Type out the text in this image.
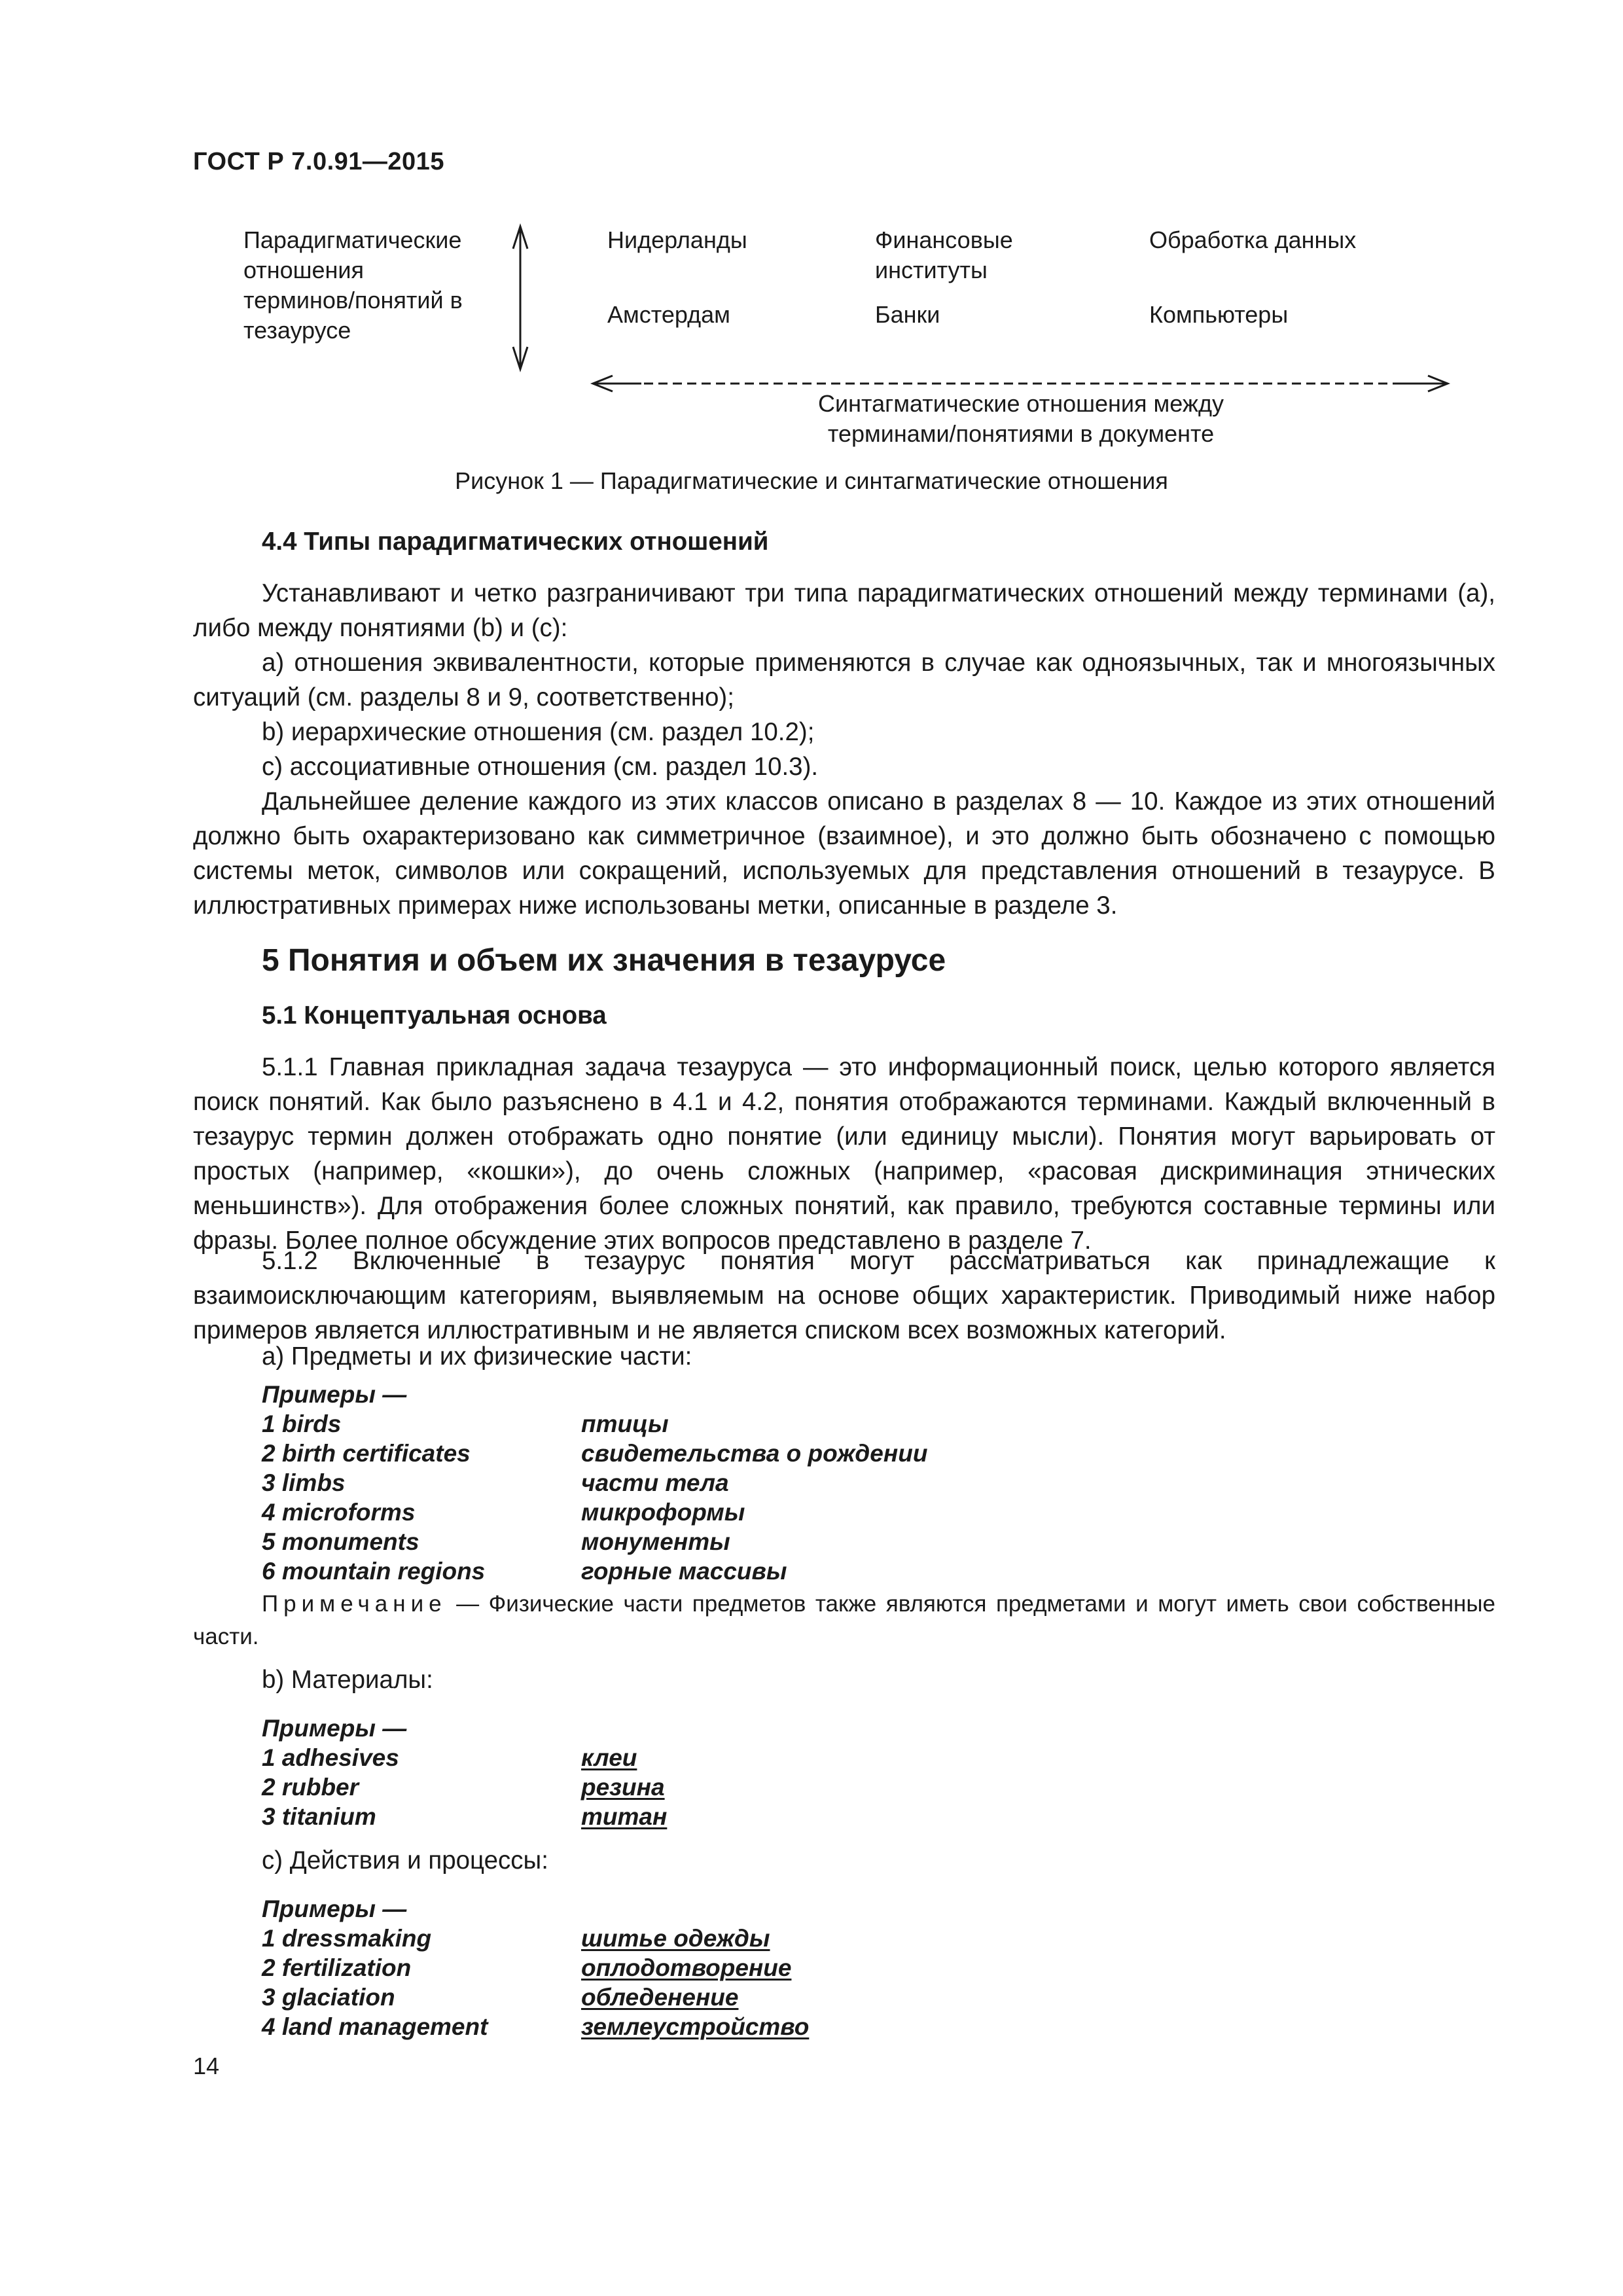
ГОСТ Р 7.0.91—2015
Парадигматические
отношения
терминов/понятий в
тезаурусе
Нидерланды
Амстердам
Финансовые
институты
Банки
Обработка данных
Компьютеры
Синтагматические отношения между
терминами/понятиями в документе
Рисунок 1 — Парадигматические и синтагматические отношения
4.4 Типы парадигматических отношений
Устанавливают и четко разграничивают три типа парадигматических отношений между терминами (a), либо между понятиями (b) и (c):
a) отношения эквивалентности, которые применяются в случае как одноязычных, так и многоязычных ситуаций (см. разделы 8 и 9, соответственно);
b) иерархические отношения (см. раздел 10.2);
c) ассоциативные отношения (см. раздел 10.3).
Дальнейшее деление каждого из этих классов описано в разделах 8 — 10. Каждое из этих отношений должно быть охарактеризовано как симметричное (взаимное), и это должно быть обозначено с помощью системы меток, символов или сокращений, используемых для представления отношений в тезаурусе. В иллюстративных примерах ниже использованы метки, описанные в разделе 3.
5 Понятия и объем их значения в тезаурусе
5.1 Концептуальная основа
5.1.1 Главная прикладная задача тезауруса — это информационный поиск, целью которого является поиск понятий. Как было разъяснено в 4.1 и 4.2, понятия отображаются терминами. Каждый включенный в тезаурус термин должен отображать одно понятие (или единицу мысли). Понятия могут варьировать от простых (например, «кошки»), до очень сложных (например, «расовая дискриминация этнических меньшинств»). Для отображения более сложных понятий, как правило, требуются составные термины или фразы. Более полное обсуждение этих вопросов представлено в разделе 7.
5.1.2 Включенные в тезаурус понятия могут рассматриваться как принадлежащие к взаимоисключающим категориям, выявляемым на основе общих характеристик. Приводимый ниже набор примеров является иллюстративным и не является списком всех возможных категорий.
a) Предметы и их физические части:
Примеры —
1 birds	птицы
2 birth certificates	свидетельства о рождении
3 limbs	части тела
4 microforms	микроформы
5 monuments	монументы
6 mountain regions	горные массивы
Примечание — Физические части предметов также являются предметами и могут иметь свои собственные части.
b) Материалы:
Примеры —
1 adhesives	клеи
2 rubber	резина
3 titanium	титан
c) Действия и процессы:
Примеры —
1 dressmaking	шитье одежды
2 fertilization	оплодотворение
3 glaciation	обледенение
4 land management	землеустройство
14
